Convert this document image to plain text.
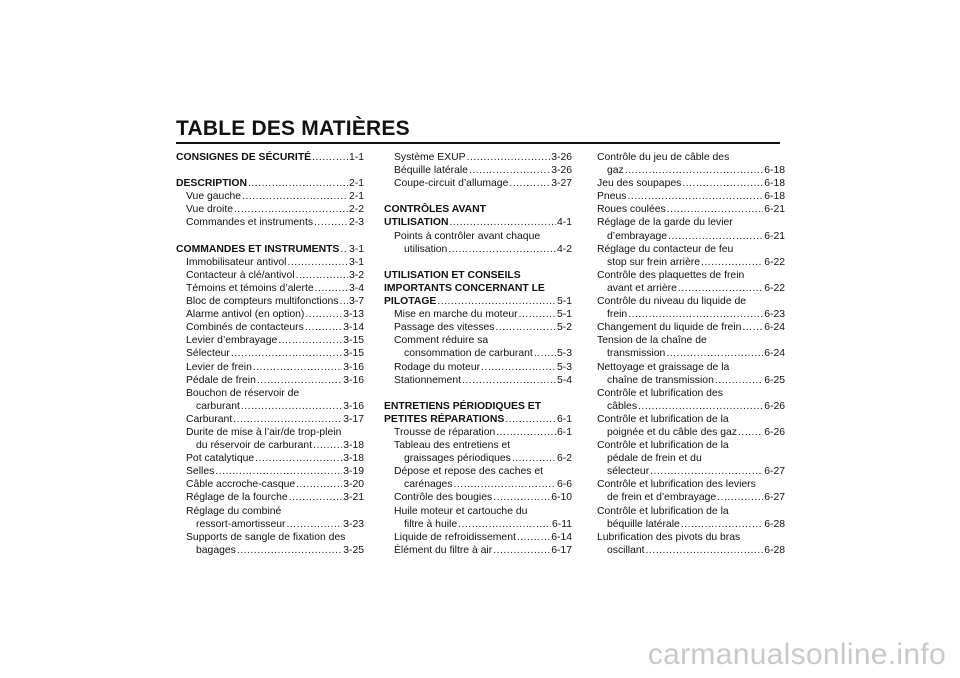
TABLE DES MATIÈRES
CONSIGNES DE SÉCURITÉ .....	1-1
DESCRIPTION .....	2-1
Vue gauche .....	2-1
Vue droite .....	2-2
Commandes et instruments .....	2-3
COMMANDES ET INSTRUMENTS ..... 3-1
Immobilisateur antivol .....	3-1
Contacteur à clé/antivol .....	3-2
Témoins et témoins d’alerte .....	3-4
Bloc de compteurs multifonctions ..... 3-7
Alarme antivol (en option) .....	3-13
Combinés de contacteurs .....	3-14
Levier d’embrayage .....	3-15
Sélecteur .....	3-15
Levier de frein .....	3-16
Pédale de frein .....	3-16
Bouchon de réservoir de
carburant .....	3-16
Carburant .....	3-17
Durite de mise à l’air/de trop-plein
du réservoir de carburant .....	3-18
Pot catalytique .....	3-18
Selles .....	3-19
Câble accroche-casque .....	3-20
Réglage de la fourche .....	3-21
Réglage du combiné
ressort-amortisseur .....	3-23
Supports de sangle de fixation des
bagages .....	3-25
Système EXUP .....	3-26
Béquille latérale .....	3-26
Coupe-circuit d’allumage .....	3-27
CONTRÔLES AVANT
UTILISATION .....	4-1
Points à contrôler avant chaque
utilisation .....	4-2
UTILISATION ET CONSEILS
IMPORTANTS CONCERNANT LE
PILOTAGE .....	5-1
Mise en marche du moteur .....	5-1
Passage des vitesses .....	5-2
Comment réduire sa
consommation de carburant ..... 5-3
Rodage du moteur .....	5-3
Stationnement .....	5-4
ENTRETIENS PÉRIODIQUES ET
PETITES RÉPARATIONS .....	6-1
Trousse de réparation .....	6-1
Tableau des entretiens et
graissages périodiques .....	6-2
Dépose et repose des caches et
carénages .....	6-6
Contrôle des bougies .....	6-10
Huile moteur et cartouche du
filtre à huile .....	6-11
Liquide de refroidissement .....	6-14
Élément du filtre à air .....	6-17
Contrôle du jeu de câble des
gaz .....	6-18
Jeu des soupapes .....	6-18
Pneus .....	6-18
Roues coulées .....	6-21
Réglage de la garde du levier
d’embrayage .....	6-21
Réglage du contacteur de feu
stop sur frein arrière .....	6-22
Contrôle des plaquettes de frein
avant et arrière .....	6-22
Contrôle du niveau du liquide de
frein .....	6-23
Changement du liquide de frein ..... 6-24
Tension de la chaîne de
transmission .....	6-24
Nettoyage et graissage de la
chaîne de transmission .....	6-25
Contrôle et lubrification des
câbles .....	6-26
Contrôle et lubrification de la
poignée et du câble des gaz .....	6-26
Contrôle et lubrification de la
pédale de frein et du
sélecteur .....	6-27
Contrôle et lubrification des leviers
de frein et d’embrayage .....	6-27
Contrôle et lubrification de la
béquille latérale .....	6-28
Lubrification des pivots du bras
oscillant .....	6-28
carmanualsonline.info
